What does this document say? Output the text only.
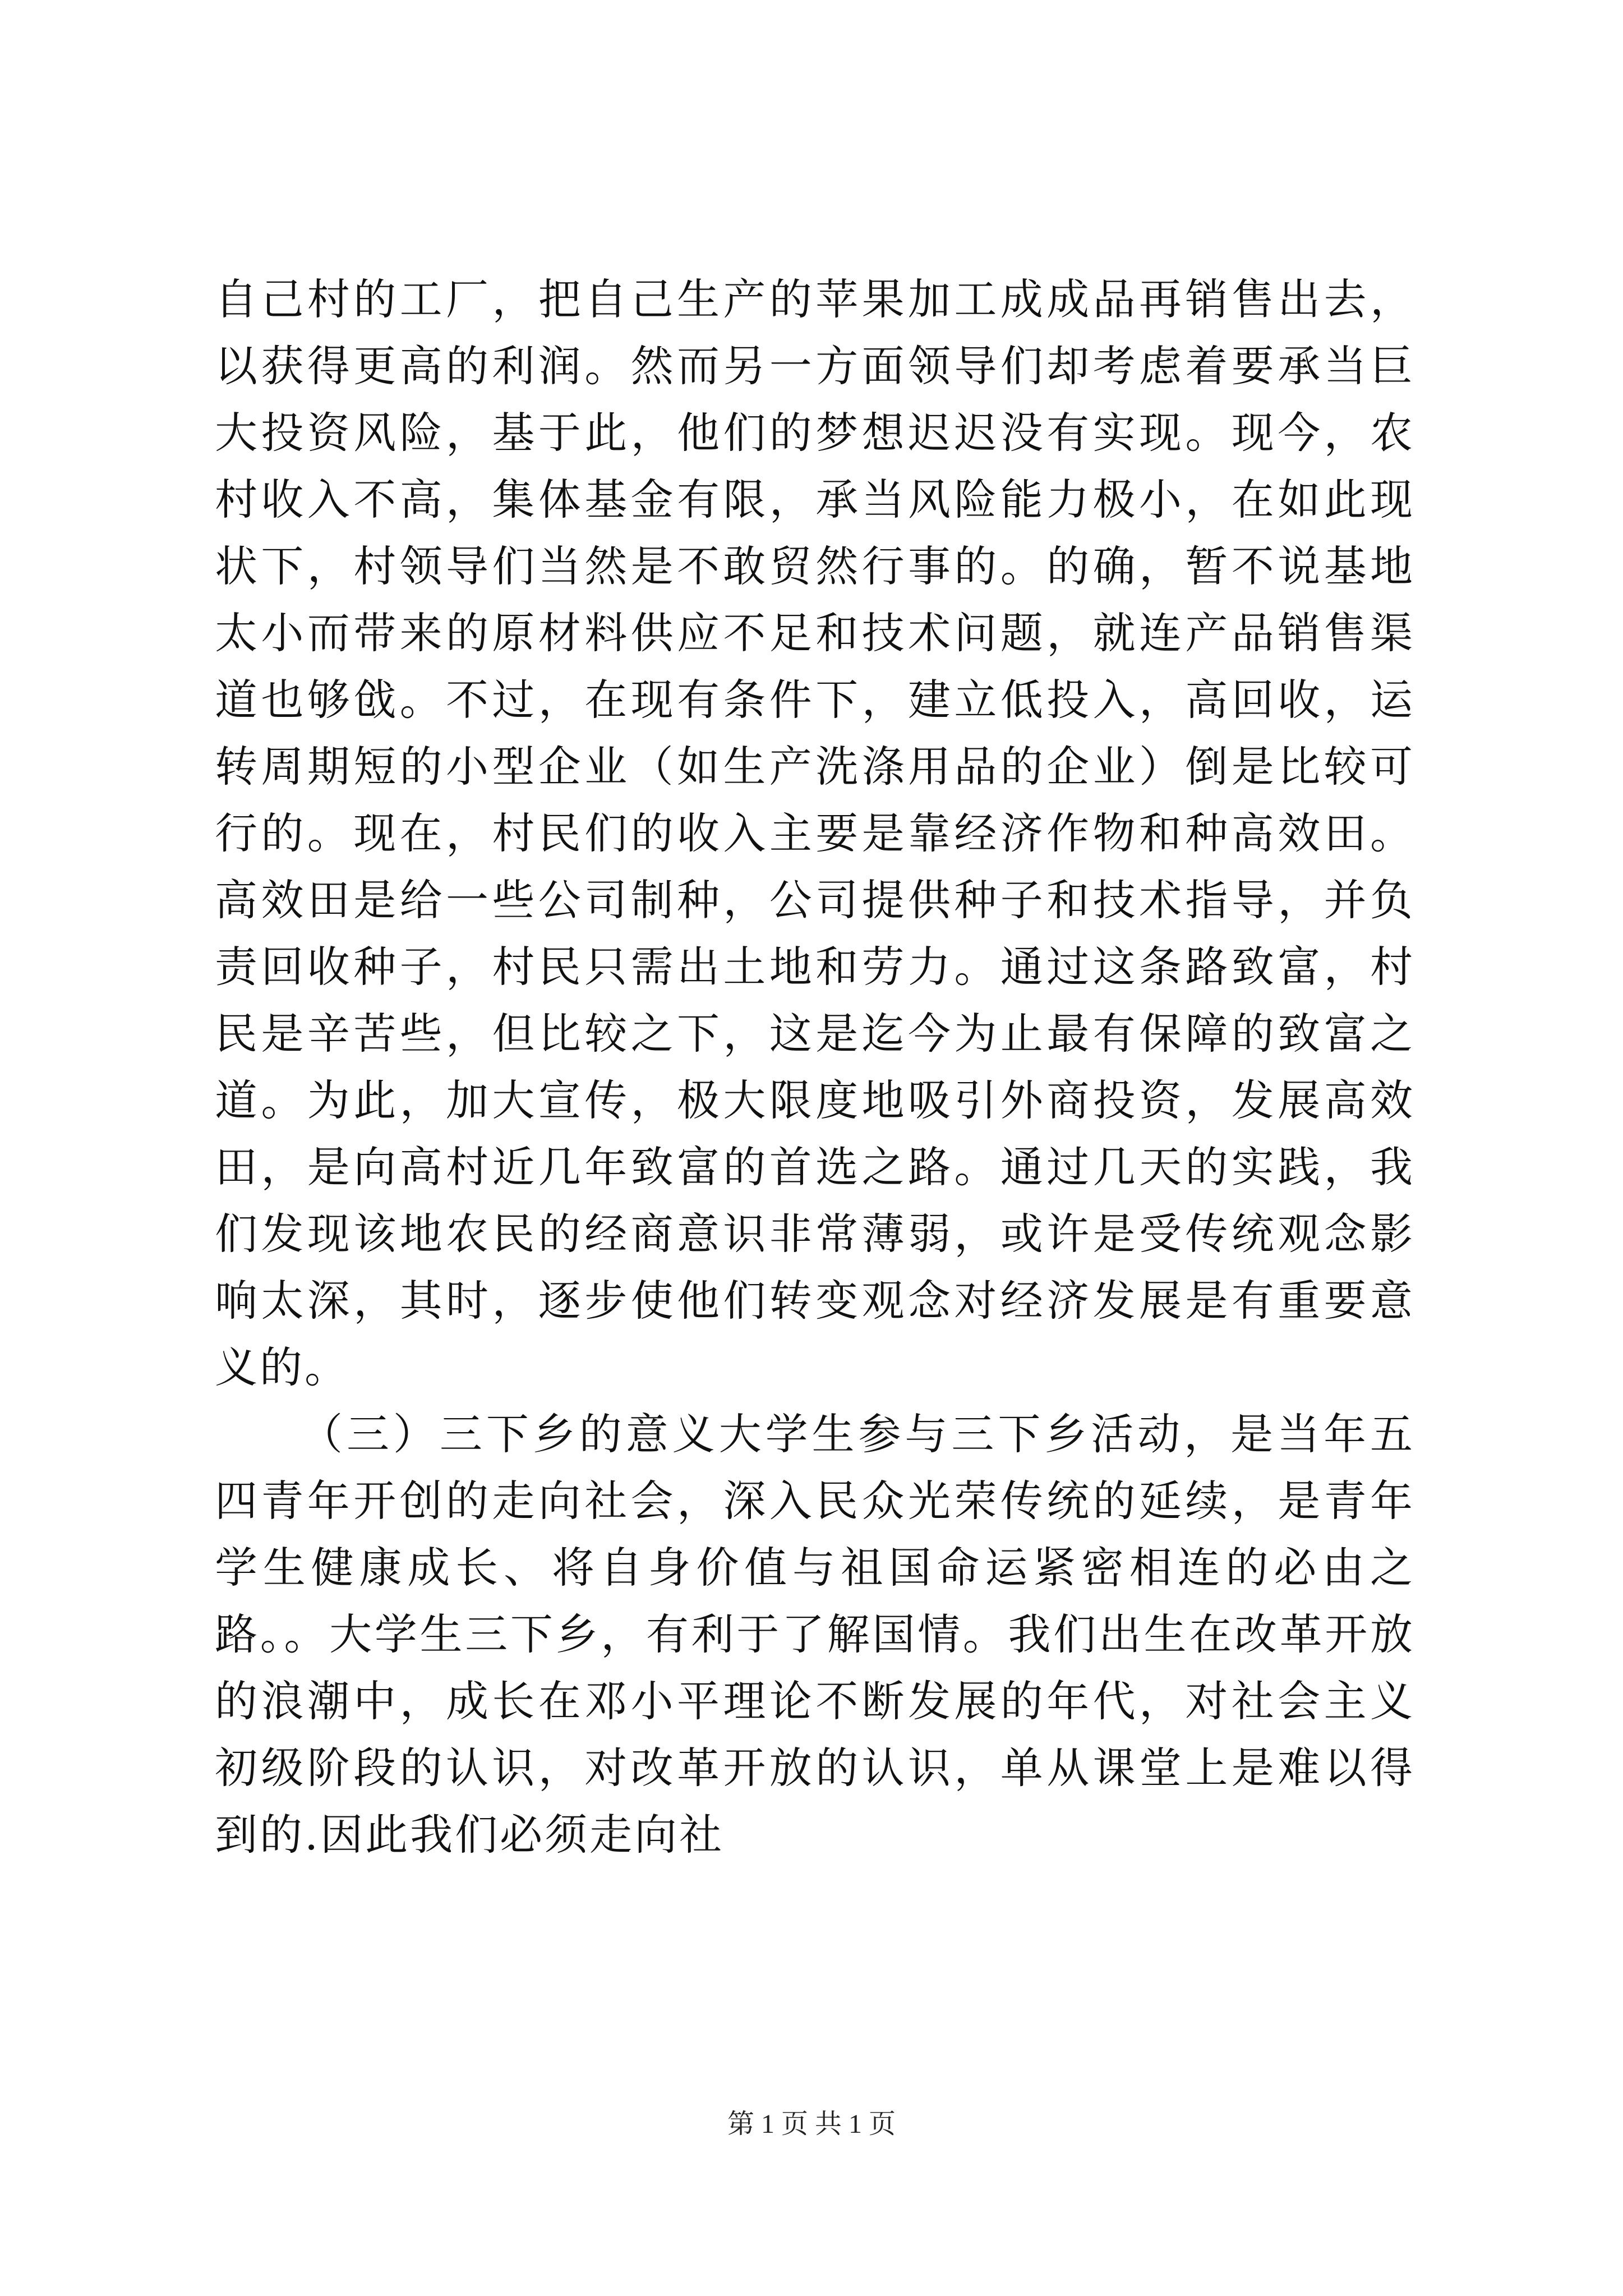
自己村的工厂，把自己生产的苹果加工成成品再销售出去，以获得更高的利润。然而另一方面领导们却考虑着要承当巨大投资风险，基于此，他们的梦想迟迟没有实现。现今，农村收入不高，集体基金有限，承当风险能力极小，在如此现状下，村领导们当然是不敢贸然行事的。的确，暂不说基地太小而带来的原材料供应不足和技术问题，就连产品销售渠道也够戗。不过，在现有条件下，建立低投入，高回收，运转周期短的小型企业（如生产洗涤用品的企业）倒是比较可行的。现在，村民们的收入主要是靠经济作物和种高效田。高效田是给一些公司制种，公司提供种子和技术指导，并负责回收种子，村民只需出土地和劳力。通过这条路致富，村民是辛苦些，但比较之下，这是迄今为止最有保障的致富之道。为此，加大宣传，极大限度地吸引外商投资，发展高效田，是向高村近几年致富的首选之路。通过几天的实践，我们发现该地农民的经商意识非常薄弱，或许是受传统观念影响太深，其时，逐步使他们转变观念对经济发展是有重要意义的。

（三）三下乡的意义大学生参与三下乡活动，是当年五四青年开创的走向社会，深入民众光荣传统的延续，是青年学生健康成长、将自身价值与祖国命运紧密相连的必由之路。。大学生三下乡，有利于了解国情。我们出生在改革开放的浪潮中，成长在邓小平理论不断发展的年代，对社会主义初级阶段的认识，对改革开放的认识，单从课堂上是难以得到的.因此我们必须走向社

第 1 页 共 1 页
